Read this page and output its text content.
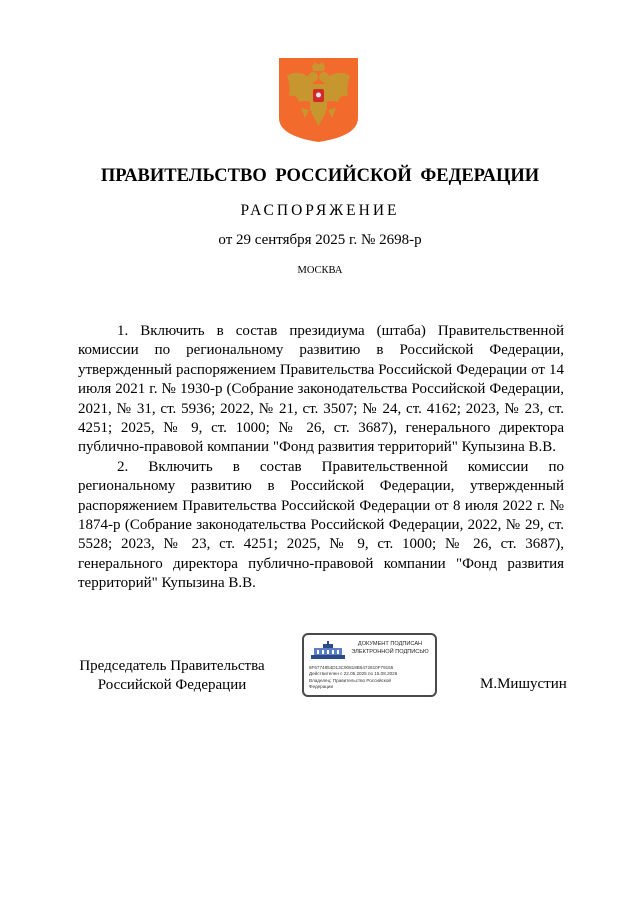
ПРАВИТЕЛЬСТВО РОССИЙСКОЙ ФЕДЕРАЦИИ
РАСПОРЯЖЕНИЕ
от 29 сентября 2025 г. № 2698-р
МОСКВА

1. Включить в состав президиума (штаба) Правительственной комиссии по региональному развитию в Российской Федерации, утвержденный распоряжением Правительства Российской Федерации от 14 июля 2021 г. № 1930-р (Собрание законодательства Российской Федерации, 2021, № 31, ст. 5936; 2022, № 21, ст. 3507; № 24, ст. 4162; 2023, № 23, ст. 4251; 2025, № 9, ст. 1000; № 26, ст. 3687), генерального директора публично-правовой компании "Фонд развития территорий" Купызина В.В.

2. Включить в состав Правительственной комиссии по региональному развитию в Российской Федерации, утвержденный распоряжением Правительства Российской Федерации от 8 июля 2022 г. № 1874-р (Собрание законодательства Российской Федерации, 2022, № 29, ст. 5528; 2023, № 23, ст. 4251; 2025, № 9, ст. 1000; № 26, ст. 3687), генерального директора публично-правовой компании "Фонд развития территорий" Купызина В.В.

Председатель Правительства
Российской Федерации
ДОКУМЕНТ ПОДПИСАН
ЭЛЕКТРОННОЙ ПОДПИСЬЮ
6F6774854D13C90818B6472810F79155
Действителен с 22.05.2025 по 15.08.2026
Владелец: Правительство Российской
Федерации	М.Мишустин
